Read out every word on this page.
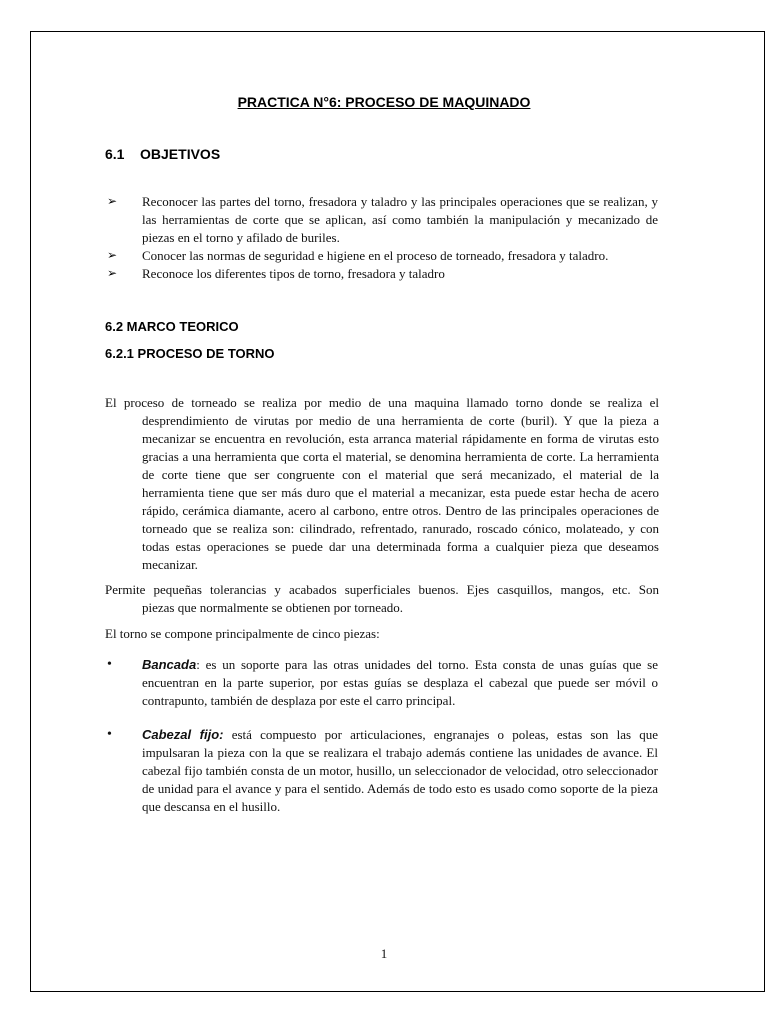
PRACTICA N°6: PROCESO DE MAQUINADO
6.1    OBJETIVOS
➢ Reconocer las partes del torno, fresadora y taladro y las principales operaciones que se realizan, y las herramientas de corte que se aplican, así como también la manipulación y mecanizado de piezas en el torno y afilado de buriles.
➢ Conocer las normas de seguridad e higiene en el proceso de torneado, fresadora y taladro.
➢ Reconoce los diferentes tipos de torno, fresadora y taladro
6.2 MARCO TEORICO
6.2.1 PROCESO DE TORNO
El proceso de torneado se realiza por medio de una maquina llamado torno donde se realiza el
desprendimiento de virutas por medio de una herramienta de corte (buril). Y que la pieza a mecanizar se encuentra en revolución, esta arranca material rápidamente en forma de virutas esto gracias a una herramienta que corta el material, se denomina herramienta de corte. La herramienta de corte tiene que ser congruente con el material que será mecanizado, el material de la herramienta tiene que ser más duro que el material a mecanizar, esta puede estar hecha de acero rápido, cerámica diamante, acero al carbono, entre otros. Dentro de las principales operaciones de torneado que se realiza son: cilindrado, refrentado, ranurado, roscado cónico, molateado, y con todas estas operaciones se puede dar una determinada forma a cualquier pieza que deseamos mecanizar.
Permite pequeñas tolerancias y acabados superficiales buenos. Ejes casquillos, mangos, etc. Son
piezas que normalmente se obtienen por torneado.
El torno se compone principalmente de cinco piezas:
• Bancada: es un soporte para las otras unidades del torno. Esta consta de unas guías que se encuentran en la parte superior, por estas guías se desplaza el cabezal que puede ser móvil o contrapunto, también de desplaza por este el carro principal.
• Cabezal fijo: está compuesto por articulaciones, engranajes o poleas, estas son las que impulsaran la pieza con la que se realizara el trabajo además contiene las unidades de avance. El cabezal fijo también consta de un motor, husillo, un seleccionador de velocidad, otro seleccionador de unidad para el avance y para el sentido. Además de todo esto es usado como soporte de la pieza que descansa en el husillo.
1
